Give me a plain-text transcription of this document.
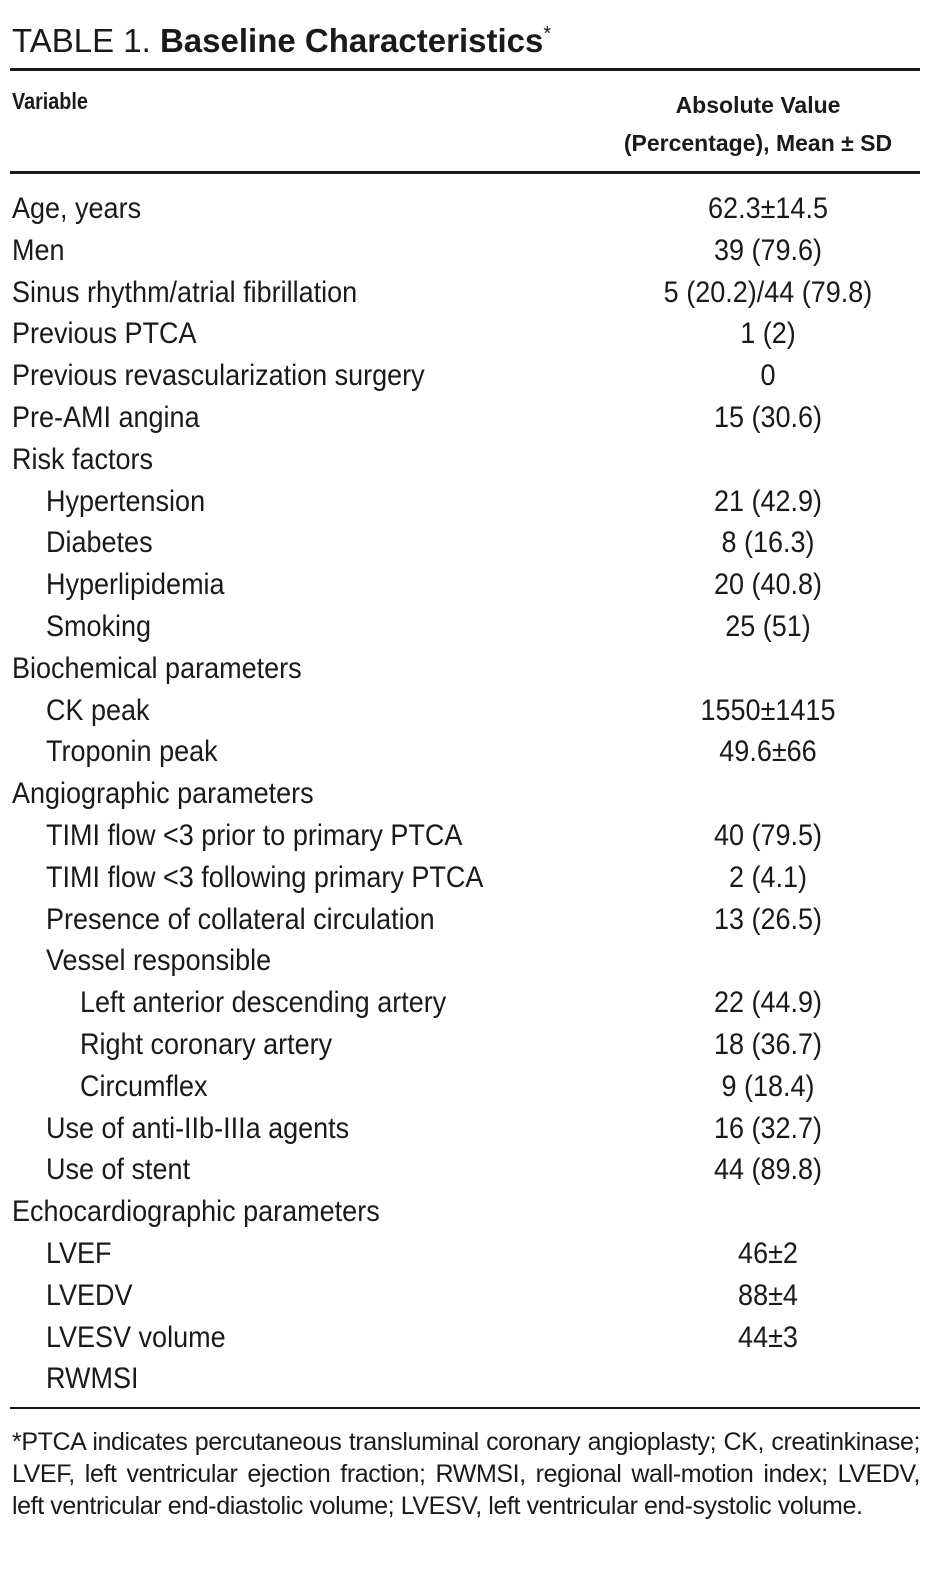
TABLE 1. Baseline Characteristics*
Variable	Absolute Value
(Percentage), Mean ± SD
Age, years	62.3±14.5
Men	39 (79.6)
Sinus rhythm/atrial fibrillation	5 (20.2)/44 (79.8)
Previous PTCA	1 (2)
Previous revascularization surgery	0
Pre-AMI angina	15 (30.6)
Risk factors
Hypertension	21 (42.9)
Diabetes	8 (16.3)
Hyperlipidemia	20 (40.8)
Smoking	25 (51)
Biochemical parameters
CK peak	1550±1415
Troponin peak	49.6±66
Angiographic parameters
TIMI flow <3 prior to primary PTCA	40 (79.5)
TIMI flow <3 following primary PTCA	2 (4.1)
Presence of collateral circulation	13 (26.5)
Vessel responsible
Left anterior descending artery	22 (44.9)
Right coronary artery	18 (36.7)
Circumflex	9 (18.4)
Use of anti-IIb-IIIa agents	16 (32.7)
Use of stent	44 (89.8)
Echocardiographic parameters
LVEF	46±2
LVEDV	88±4
LVESV volume	44±3
RWMSI
*PTCA indicates percutaneous transluminal coronary angioplasty; CK, creatinkinase; LVEF, left ventricular ejection fraction; RWMSI, regional wall-motion index; LVEDV, left ventricular end-diastolic volume; LVESV, left ventricular end-systolic volume.
